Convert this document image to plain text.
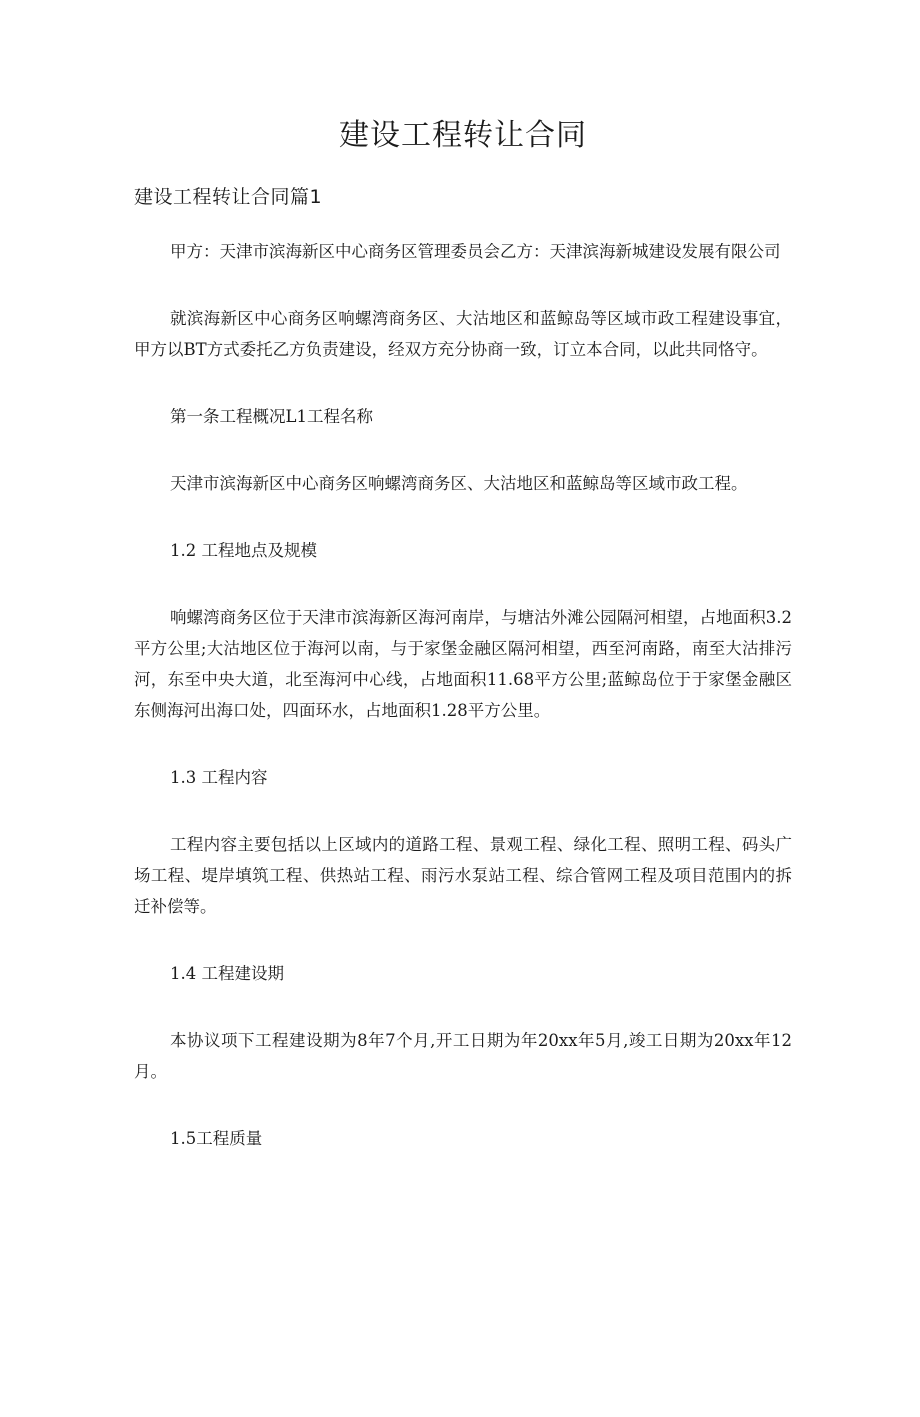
建设工程转让合同
建设工程转让合同篇1

甲方：天津市滨海新区中心商务区管理委员会乙方：天津滨海新城建设发展有限公司

就滨海新区中心商务区响螺湾商务区、大沽地区和蓝鲸岛等区域市政工程建设事宜，甲方以BT方式委托乙方负责建设，经双方充分协商一致，订立本合同，以此共同恪守。

第一条工程概况L1工程名称

天津市滨海新区中心商务区响螺湾商务区、大沽地区和蓝鲸岛等区域市政工程。

1.2 工程地点及规模

响螺湾商务区位于天津市滨海新区海河南岸，与塘沽外滩公园隔河相望，占地面积3.2平方公里;大沽地区位于海河以南，与于家堡金融区隔河相望，西至河南路，南至大沽排污河，东至中央大道，北至海河中心线，占地面积11.68平方公里;蓝鲸岛位于于家堡金融区东侧海河出海口处，四面环水，占地面积1.28平方公里。

1.3 工程内容

工程内容主要包括以上区域内的道路工程、景观工程、绿化工程、照明工程、码头广场工程、堤岸填筑工程、供热站工程、雨污水泵站工程、综合管网工程及项目范围内的拆迁补偿等。

1.4 工程建设期

本协议项下工程建设期为8年7个月,开工日期为年20xx年5月,竣工日期为20xx年12月。

1.5工程质量
